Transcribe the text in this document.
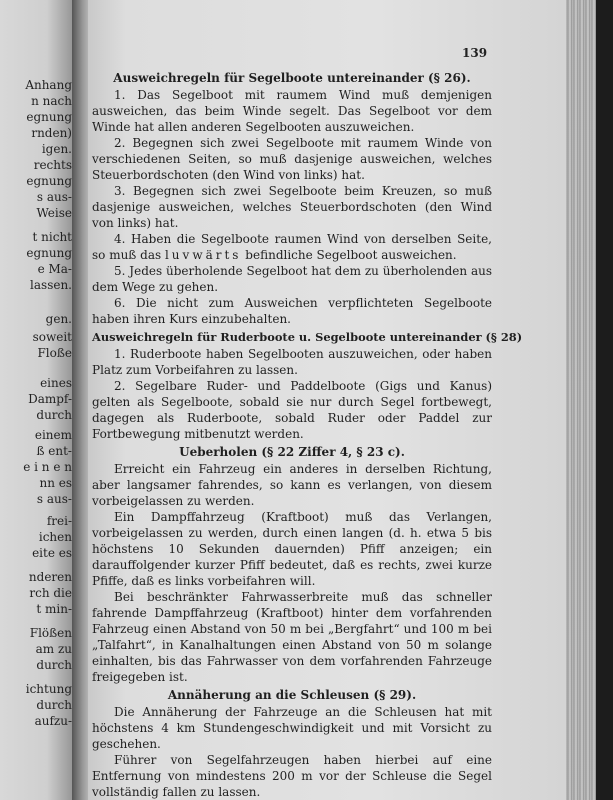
Anhang
n nach
egnung
rnden)
igen.
rechts
egnung
s aus-
Weise
t nicht
egnung
e Ma-
lassen.
gen.
soweit
Floße
eines
Dampf-
durch
einem
ß ent-
e i n e n
nn es
s aus-
frei-
ichen
eite es
nderen
rch die
t min-
Flößen
am zu
durch
ichtung
durch
aufzu-
139
Ausweichregeln für Segelboote untereinander (§ 26).

1. Das Segelboot mit raumem Wind muß demjenigen ausweichen, das beim Winde segelt. Das Segelboot vor dem Winde hat allen anderen Segelbooten auszuweichen.

2. Begegnen sich zwei Segelboote mit raumem Winde von verschiedenen Seiten, so muß dasjenige ausweichen, welches Steuerbordschoten (den Wind von links) hat.

3. Begegnen sich zwei Segelboote beim Kreuzen, so muß dasjenige ausweichen, welches Steuerbordschoten (den Wind von links) hat.

4. Haben die Segelboote raumen Wind von derselben Seite, so muß das luvwärts befindliche Segelboot ausweichen.

5. Jedes überholende Segelboot hat dem zu überholenden aus dem Wege zu gehen.

6. Die nicht zum Ausweichen verpflichteten Segelboote haben ihren Kurs einzubehalten.

Ausweichregeln für Ruderboote u. Segelboote untereinander (§ 28)

1. Ruderboote haben Segelbooten auszuweichen, oder haben Platz zum Vorbeifahren zu lassen.

2. Segelbare Ruder- und Paddelboote (Gigs und Kanus) gelten als Segelboote, sobald sie nur durch Segel fortbewegt, dagegen als Ruderboote, sobald Ruder oder Paddel zur Fortbewegung mitbenutzt werden.

Ueberholen (§ 22 Ziffer 4, § 23 c).

Erreicht ein Fahrzeug ein anderes in derselben Richtung, aber langsamer fahrendes, so kann es verlangen, von diesem vorbeigelassen zu werden.

Ein Dampffahrzeug (Kraftboot) muß das Verlangen, vorbeigelassen zu werden, durch einen langen (d. h. etwa 5 bis höchstens 10 Sekunden dauernden) Pfiff anzeigen; ein darauffolgender kurzer Pfiff bedeutet, daß es rechts, zwei kurze Pfiffe, daß es links vorbeifahren will.

Bei beschränkter Fahrwasserbreite muß das schneller fahrende Dampffahrzeug (Kraftboot) hinter dem vorfahrenden Fahrzeug einen Abstand von 50 m bei „Bergfahrt“ und 100 m bei „Talfahrt“, in Kanalhaltungen einen Abstand von 50 m solange einhalten, bis das Fahrwasser von dem vorfahrenden Fahrzeuge freigegeben ist.

Annäherung an die Schleusen (§ 29).

Die Annäherung der Fahrzeuge an die Schleusen hat mit höchstens 4 km Stundengeschwindigkeit und mit Vorsicht zu geschehen.

Führer von Segelfahrzeugen haben hierbei auf eine Entfernung von mindestens 200 m vor der Schleuse die Segel vollständig fallen zu lassen.
